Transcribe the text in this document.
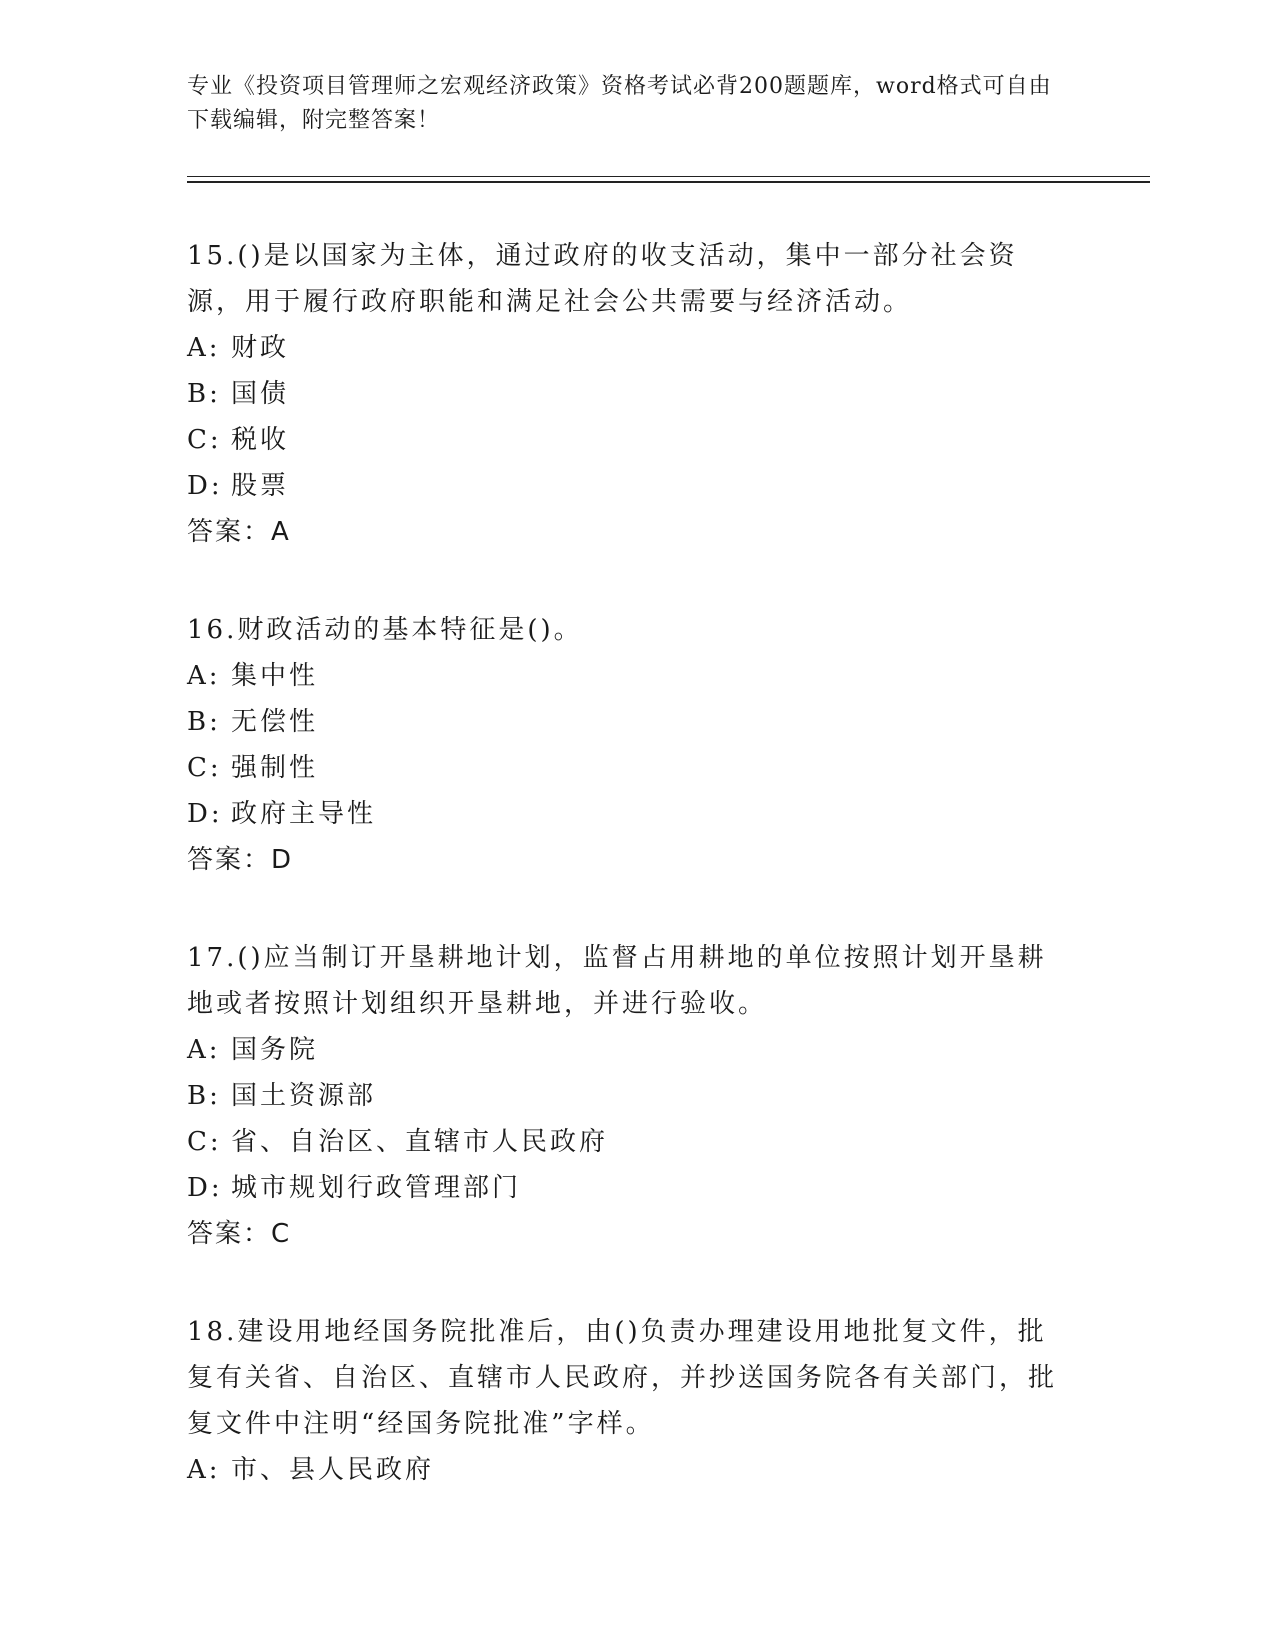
专业《投资项目管理师之宏观经济政策》资格考试必背200题题库，word格式可自由下载编辑，附完整答案！
15.()是以国家为主体，通过政府的收支活动，集中一部分社会资源，用于履行政府职能和满足社会公共需要与经济活动。
A: 财政
B: 国债
C: 税收
D: 股票
答案：A
16.财政活动的基本特征是()。
A: 集中性
B: 无偿性
C: 强制性
D: 政府主导性
答案：D
17.()应当制订开垦耕地计划，监督占用耕地的单位按照计划开垦耕地或者按照计划组织开垦耕地，并进行验收。
A: 国务院
B: 国土资源部
C: 省、自治区、直辖市人民政府
D: 城市规划行政管理部门
答案：C
18.建设用地经国务院批准后，由()负责办理建设用地批复文件，批复有关省、自治区、直辖市人民政府，并抄送国务院各有关部门，批复文件中注明“经国务院批准”字样。
A: 市、县人民政府
